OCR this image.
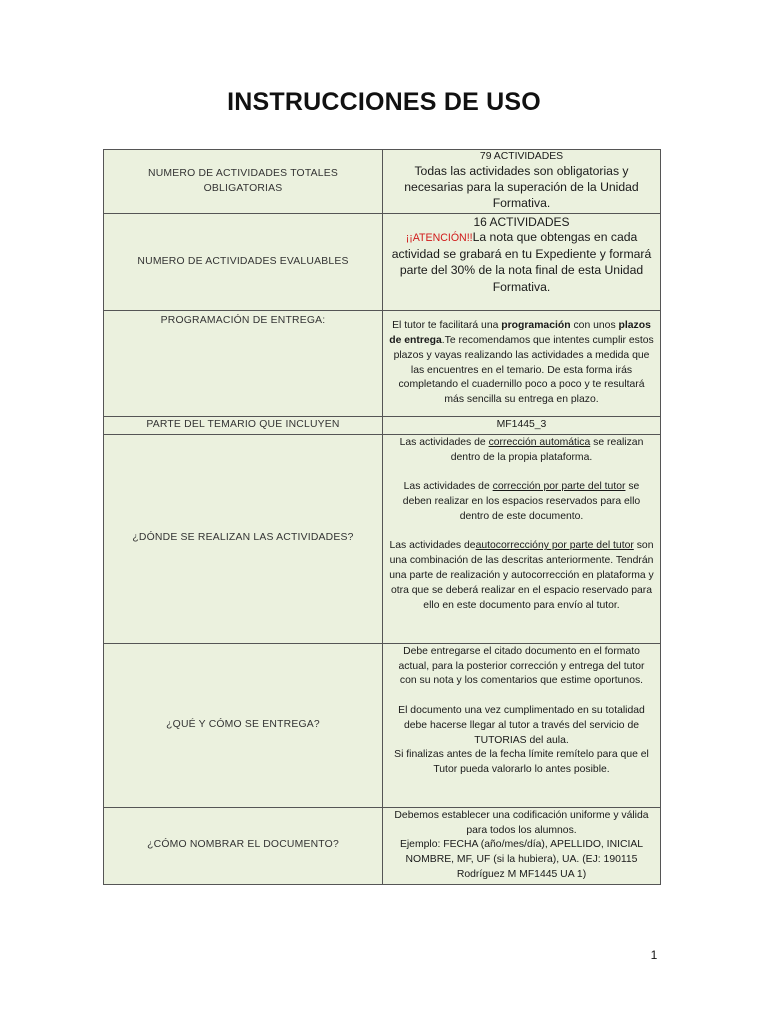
INSTRUCCIONES DE USO
NUMERO DE ACTIVIDADES TOTALES OBLIGATORIAS	79 ACTIVIDADES
Todas las actividades son obligatorias y necesarias para la superación de la Unidad Formativa.

NUMERO DE ACTIVIDADES EVALUABLES	16 ACTIVIDADES
¡¡ATENCIÓN!!La nota que obtengas en cada actividad se grabará en tu Expediente y formará parte del 30% de la nota final de esta Unidad Formativa.

PROGRAMACIÓN DE ENTREGA:	El tutor te facilitará una programación con unos plazos de entrega.Te recomendamos que intentes cumplir estos plazos y vayas realizando las actividades a medida que las encuentres en el temario. De esta forma irás completando el cuadernillo poco a poco y te resultará más sencilla su entrega en plazo.
PARTE DEL TEMARIO QUE INCLUYEN	MF1445_3
¿DÓNDE SE REALIZAN LAS ACTIVIDADES?	Las actividades de corrección automática se realizan dentro de la propia plataforma.
Las actividades de corrección por parte del tutor se deben realizar en los espacios reservados para ello dentro de este documento.
Las actividades deautocorrecciónу por parte del tutor son una combinación de las descritas anteriormente. Tendrán una parte de realización y autocorrección en plataforma y otra que se deberá realizar en el espacio reservado para ello en este documento para envío al tutor.
¿QUÉ Y CÓMO SE ENTREGA?	Debe entregarse el citado documento en el formato actual, para la posterior corrección y entrega del tutor con su nota y los comentarios que estime oportunos.
El documento una vez cumplimentado en su totalidad debe hacerse llegar al tutor a través del servicio de TUTORIAS del aula.
Si finalizas antes de la fecha límite remítelo para que el Tutor pueda valorarlo lo antes posible.
¿CÓMO NOMBRAR EL DOCUMENTO?	Debemos establecer una codificación uniforme y válida para todos los alumnos.
Ejemplo: FECHA (año/mes/día), APELLIDO, INICIAL NOMBRE, MF, UF (si la hubiera), UA. (EJ: 190115 Rodríguez M MF1445 UA 1)
1
